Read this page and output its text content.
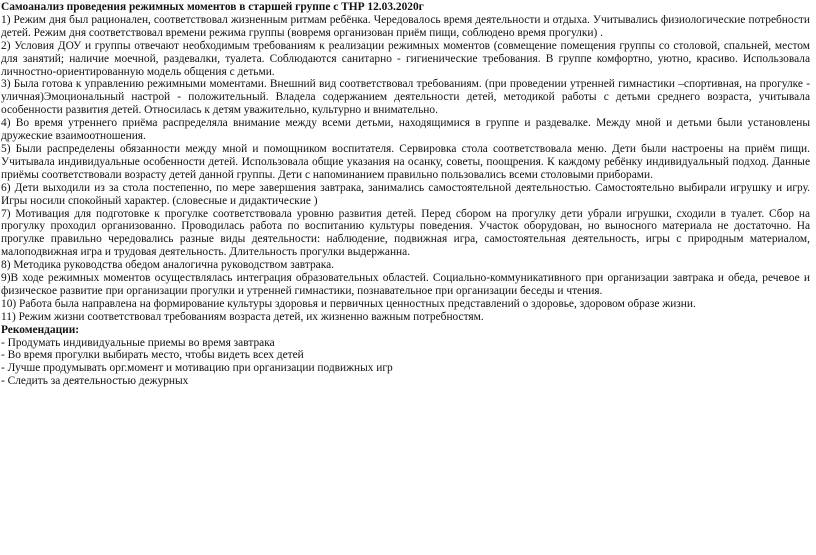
Самоанализ проведения режимных моментов в старшей группе с ТНР 12.03.2020г

1) Режим дня был рационален, соответствовал жизненным ритмам ребёнка. Чередовалось время деятельности и отдыха. Учитывались физиологические потребности детей. Режим дня соответствовал времени режима группы (вовремя организован приём пищи, соблюдено время прогулки) .

2) Условия ДОУ и группы отвечают необходимым требованиям к реализации режимных моментов (совмещение помещения группы со столовой, спальней, местом для занятий; наличие моечной, раздевалки, туалета. Соблюдаются санитарно - гигиенические требования. В группе комфортно, уютно, красиво. Использовала личностно-ориентированную модель общения с детьми.

3) Была готова к управлению режимными моментами. Внешний вид соответствовал требованиям. (при проведении утренней гимнастики –спортивная, на прогулке - уличная)Эмоциональный настрой - положительный. Владела содержанием деятельности детей, методикой работы с детьми среднего возраста, учитывала особенности развития детей. Относилась к детям уважительно, культурно и внимательно.

4) Во время утреннего приёма распределяла внимание между всеми детьми, находящимися в группе и раздевалке. Между мной и детьми были установлены дружеские взаимоотношения.

5) Были распределены обязанности между мной и помощником воспитателя. Сервировка стола соответствовала меню. Дети были настроены на приём пищи. Учитывала индивидуальные особенности детей. Использовала общие указания на осанку, советы, поощрения. К каждому ребёнку индивидуальный подход. Данные приёмы соответствовали возрасту детей данной группы. Дети с напоминанием правильно пользовались всеми столовыми приборами.

6) Дети выходили из за стола постепенно, по мере завершения завтрака, занимались самостоятельной деятельностью. Самостоятельно выбирали игрушку и игру. Игры носили спокойный характер. (словесные и дидактические )

7) Мотивация для подготовке к прогулке соответствовала уровню развития детей. Перед сбором на прогулку дети убрали игрушки, сходили в туалет. Сбор на прогулку проходил организованно. Проводилась работа по воспитанию культуры поведения. Участок оборудован, но выносного материала не достаточно. На прогулке правильно чередовались разные виды деятельности: наблюдение, подвижная игра, самостоятельная деятельность, игры с природным материалом, малоподвижная игра и трудовая деятельность. Длительность прогулки выдержанна.

8) Методика руководства обедом аналогична руководством завтрака.

9)В ходе режимных моментов осуществлялась интеграция образовательных областей. Социально-коммуникативного при организации завтрака и обеда, речевое и физическое развитие при организации прогулки и утренней гимнастики, познавательное при организации беседы и чтения.

10) Работа была направлена на формирование культуры здоровья и первичных ценностных представлений о здоровье, здоровом образе жизни.

11) Режим жизни соответствовал требованиям возраста детей, их жизненно важным потребностям.

Рекомендации:

- Продумать индивидуальные приемы во время завтрака

- Во время прогулки выбирать место, чтобы видеть всех детей

- Лучше продумывать орг.момент и мотивацию при организации подвижных игр

- Следить за деятельностью дежурных
